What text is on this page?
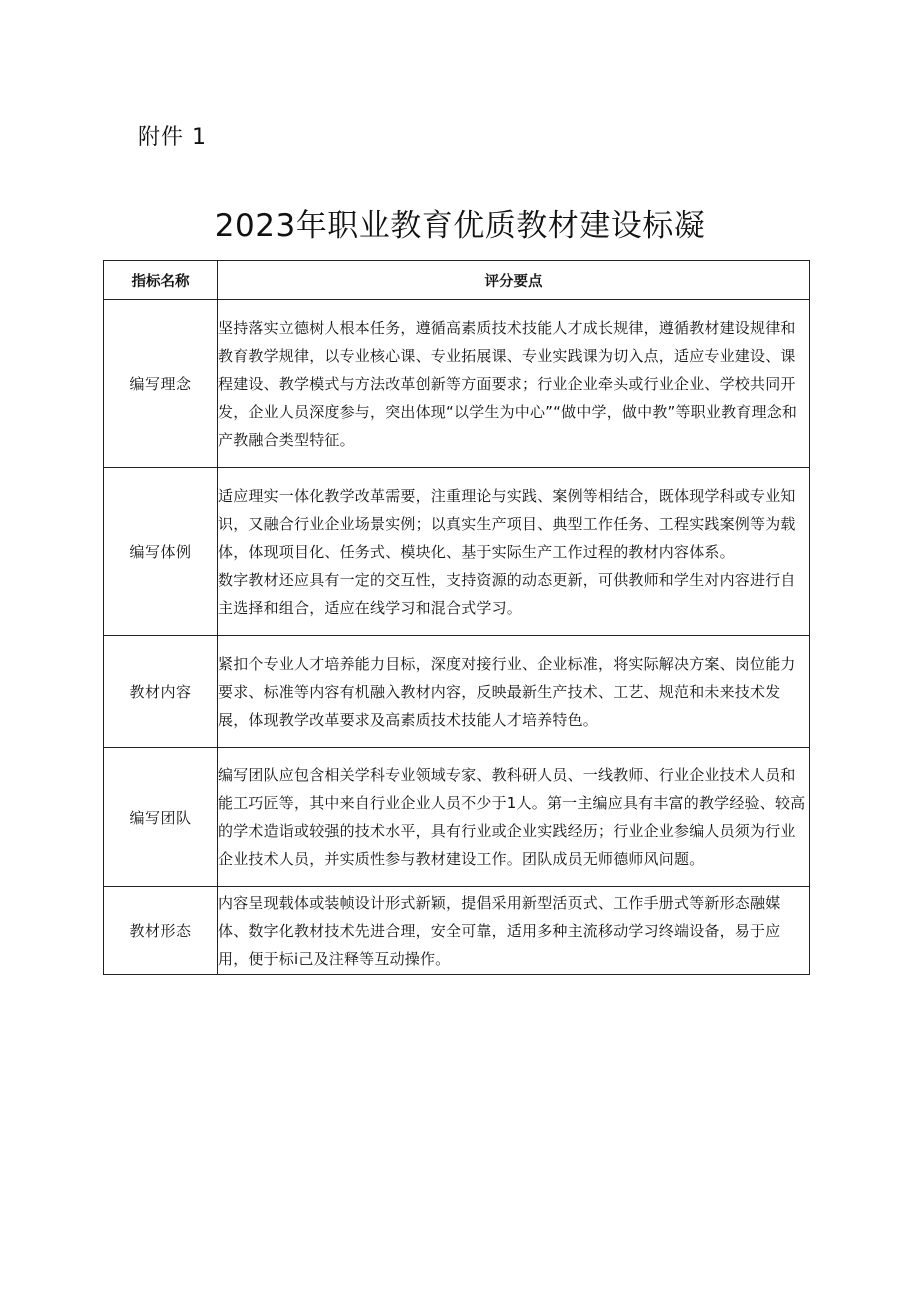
附件 1
2023年职业教育优质教材建设标凝
指标名称	评分要点
编写理念	坚持落实立德树人根本任务，遵循高素质技术技能人才成长规律，遵循教材建设规律和教育教学规律，以专业核心课、专业拓展课、专业实践课为切入点，适应专业建设、课程建设、教学模式与方法改革创新等方面要求；行业企业牵头或行业企业、学校共同开发，企业人员深度参与，突出体现“以学生为中心”“做中学，做中教”等职业教育理念和产教融合类型特征。

编写体例	适应理实一体化教学改革需要，注重理论与实践、案例等相结合，既体现学科或专业知识，又融合行业企业场景实例；以真实生产项目、典型工作任务、工程实践案例等为载体，体现项目化、任务式、模块化、基于实际生产工作过程的教材内容体系。
数字教材还应具有一定的交互性，支持资源的动态更新，可供教师和学生对内容进行自主选择和组合，适应在线学习和混合式学习。

教材内容	紧扣个专业人才培养能力目标，深度对接行业、企业标准，将实际解决方案、岗位能力要求、标准等内容有机融入教材内容，反映最新生产技术、工艺、规范和未来技术发展，体现教学改革要求及高素质技术技能人才培养特色。

编写团队	编写团队应包含相关学科专业领域专家、教科研人员、一线教师、行业企业技术人员和能工巧匠等，其中来自行业企业人员不少于1人。第一主编应具有丰富的教学经验、较高的学术造诣或较强的技术水平，具有行业或企业实践经历；行业企业参编人员须为行业企业技术人员，并实质性参与教材建设工作。团队成员无师德师风问题。

教材形态	内容呈现载体或装帧设计形式新颖，提倡采用新型活页式、工作手册式等新形态融媒体、数字化教材技术先进合理，安全可靠，适用多种主流移动学习终端设备，易于应用，便于标i己及注释等互动操作。
